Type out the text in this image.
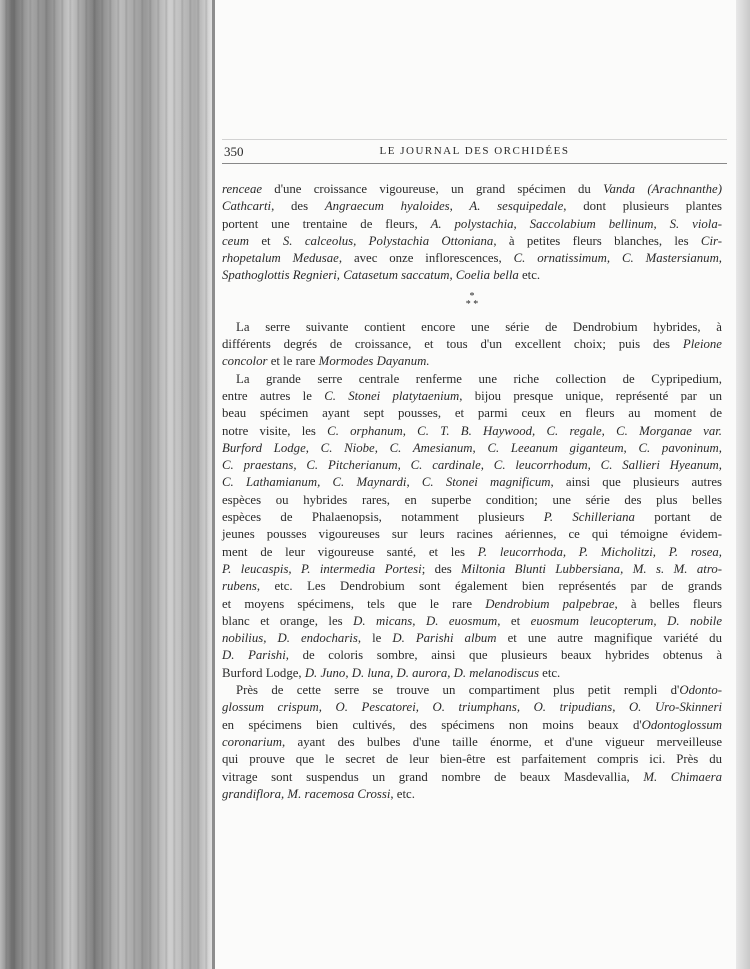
350	LE JOURNAL DES ORCHIDÉES
renceae d'une croissance vigoureuse, un grand spécimen du Vanda (Arachnanthe)
Cathcarti, des Angraecum hyaloides, A. sesquipedale, dont plusieurs plantes
portent une trentaine de fleurs, A. polystachia, Saccolabium bellinum, S. viola-
ceum et S. calceolus, Polystachia Ottoniana, à petites fleurs blanches, les Cir-
rhopetalum Medusae, avec onze inflorescences, C. ornatissimum, C. Mastersianum,
Spathoglottis Regnieri, Catasetum saccatum, Coelia bella etc.
*
* *
La serre suivante contient encore une série de Dendrobium hybrides, à
différents degrés de croissance, et tous d'un excellent choix; puis des Pleione
concolor et le rare Mormodes Dayanum.
La grande serre centrale renferme une riche collection de Cypripedium,
entre autres le C. Stonei platytaenium, bijou presque unique, représenté par un
beau spécimen ayant sept pousses, et parmi ceux en fleurs au moment de
notre visite, les C. orphanum, C. T. B. Haywood, C. regale, C. Morganae var.
Burford Lodge, C. Niobe, C. Amesianum, C. Leeanum giganteum, C. pavoninum,
C. praestans, C. Pitcherianum, C. cardinale, C. leucorrhodum, C. Sallieri Hyeanum,
C. Lathamianum, C. Maynardi, C. Stonei magnificum, ainsi que plusieurs autres
espèces ou hybrides rares, en superbe condition; une série des plus belles
espèces de Phalaenopsis, notamment plusieurs P. Schilleriana portant de
jeunes pousses vigoureuses sur leurs racines aériennes, ce qui témoigne évidem-
ment de leur vigoureuse santé, et les P. leucorrhoda, P. Micholitzi, P. rosea,
P. leucaspis, P. intermedia Portesi; des Miltonia Blunti Lubbersiana, M. s. M. atro-
rubens, etc. Les Dendrobium sont également bien représentés par de grands
et moyens spécimens, tels que le rare Dendrobium palpebrae, à belles fleurs
blanc et orange, les D. micans, D. euosmum, et euosmum leucopterum, D. nobile
nobilius, D. endocharis, le D. Parishi album et une autre magnifique variété du
D. Parishi, de coloris sombre, ainsi que plusieurs beaux hybrides obtenus à
Burford Lodge, D. Juno, D. luna, D. aurora, D. melanodiscus etc.
Près de cette serre se trouve un compartiment plus petit rempli d'Odonto-
glossum crispum, O. Pescatorei, O. triumphans, O. tripudians, O. Uro-Skinneri
en spécimens bien cultivés, des spécimens non moins beaux d'Odontoglossum
coronarium, ayant des bulbes d'une taille énorme, et d'une vigueur merveilleuse
qui prouve que le secret de leur bien-être est parfaitement compris ici. Près du
vitrage sont suspendus un grand nombre de beaux Masdevallia, M. Chimaera
grandiflora, M. racemosa Crossi, etc.
